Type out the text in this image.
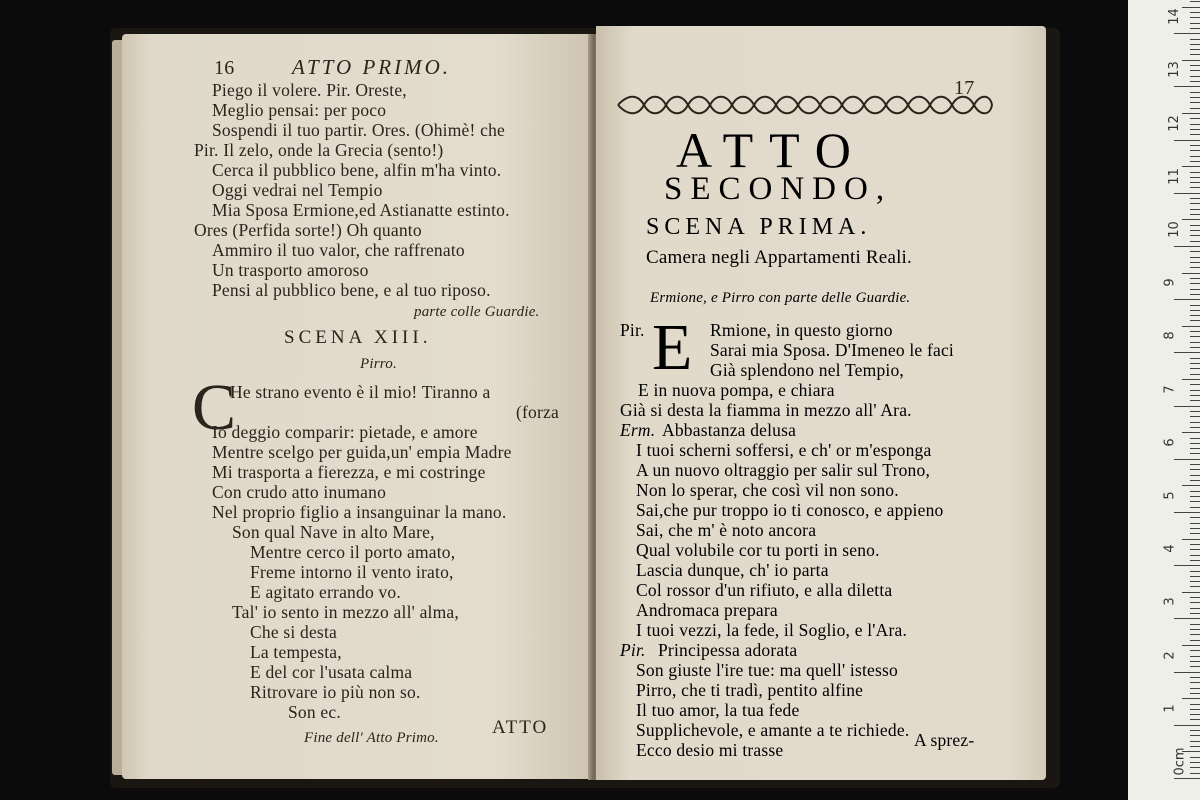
16	ATTO PRIMO.
Piego il volere. Pir. Oreste,
Meglio pensai: per poco
Sospendi il tuo partir. Ores. (Ohimè! che
Pir. Il zelo, onde la Grecia (sento!)
Cerca il pubblico bene, alfin m'ha vinto.
Oggi vedrai nel Tempio
Mia Sposa Ermione,ed Astianatte estinto.
Ores (Perfida sorte!) Oh quanto
Ammiro il tuo valor, che raffrenato
Un trasporto amoroso
Pensi al pubblico bene, e al tuo riposo.
parte colle Guardie.
SCENA XIII.
Pirro.
C
He strano evento è il mio! Tiranno a
(forza
Io deggio comparir: pietade, e amore
Mentre scelgo per guida,un' empia Madre
Mi trasporta a fierezza, e mi costringe
Con crudo atto inumano
Nel proprio figlio a insanguinar la mano.
Son qual Nave in alto Mare,
Mentre cerco il porto amato,
Freme intorno il vento irato,
E agitato errando vo.
Tal' io sento in mezzo all' alma,
Che si desta
La tempesta,
E del cor l'usata calma
Ritrovare io più non so.
Son ec.
Fine dell' Atto Primo.	ATTO
17
ATTO
SECONDO,
SCENA PRIMA.
Camera negli Appartamenti Reali.
Ermione, e Pirro con parte delle Guardie.
Pir. E Rmione, in questo giorno
Sarai mia Sposa. D'Imeneo le faci
Già splendono nel Tempio,
E in nuova pompa, e chiara
Già si desta la fiamma in mezzo all' Ara.
Erm. Abbastanza delusa
I tuoi scherni soffersi, e ch' or m'esponga
A un nuovo oltraggio per salir sul Trono,
Non lo sperar, che così vil non sono.
Sai,che pur troppo io ti conosco, e appieno
Sai, che m' è noto ancora
Qual volubile cor tu porti in seno.
Lascia dunque, ch' io parta
Col rossor d'un rifiuto, e alla diletta
Andromaca prepara
I tuoi vezzi, la fede, il Soglio, e l'Ara.
Pir. Principessa adorata
Son giuste l'ire tue: ma quell' istesso
Pirro, che ti tradì, pentito alfine
Il tuo amor, la tua fede
Supplichevole, e amante a te richiede.
Ecco desio mi trasse	A sprez-
0cm
1
2
3
4
5
6
7
8
9
10
11
12
13
14
